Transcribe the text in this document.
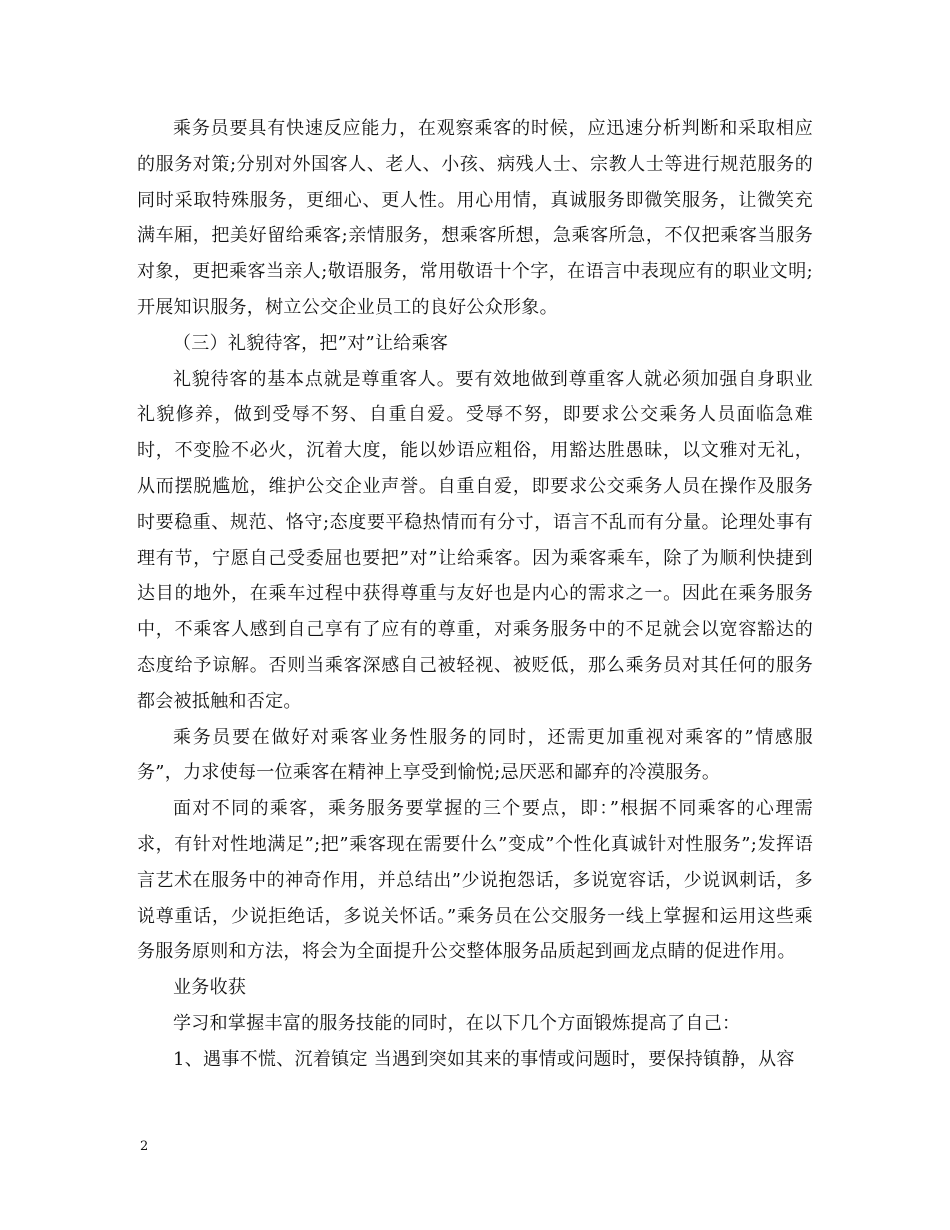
乘务员要具有快速反应能力，在观察乘客的时候，应迅速分析判断和采取相应的服务对策;分别对外国客人、老人、小孩、病残人士、宗教人士等进行规范服务的同时采取特殊服务，更细心、更人性。用心用情，真诚服务即微笑服务，让微笑充满车厢，把美好留给乘客;亲情服务，想乘客所想，急乘客所急，不仅把乘客当服务对象，更把乘客当亲人;敬语服务，常用敬语十个字，在语言中表现应有的职业文明;开展知识服务，树立公交企业员工的良好公众形象。

（三）礼貌待客，把”对”让给乘客

礼貌待客的基本点就是尊重客人。要有效地做到尊重客人就必须加强自身职业礼貌修养，做到受辱不努、自重自爱。受辱不努，即要求公交乘务人员面临急难时，不变脸不必火，沉着大度，能以妙语应粗俗，用豁达胜愚昧，以文雅对无礼，从而摆脱尴尬，维护公交企业声誉。自重自爱，即要求公交乘务人员在操作及服务时要稳重、规范、恪守;态度要平稳热情而有分寸，语言不乱而有分量。论理处事有理有节，宁愿自己受委屈也要把”对”让给乘客。因为乘客乘车，除了为顺利快捷到达目的地外，在乘车过程中获得尊重与友好也是内心的需求之一。因此在乘务服务中，不乘客人感到自己享有了应有的尊重，对乘务服务中的不足就会以宽容豁达的态度给予谅解。否则当乘客深感自己被轻视、被贬低，那么乘务员对其任何的服务都会被抵触和否定。

乘务员要在做好对乘客业务性服务的同时，还需更加重视对乘客的”情感服务”，力求使每一位乘客在精神上享受到愉悦;忌厌恶和鄙弃的冷漠服务。

面对不同的乘客，乘务服务要掌握的三个要点，即：”根据不同乘客的心理需求，有针对性地满足”;把”乘客现在需要什么”变成”个性化真诚针对性服务”;发挥语言艺术在服务中的神奇作用，并总结出”少说抱怨话，多说宽容话，少说讽刺话，多说尊重话，少说拒绝话，多说关怀话。”乘务员在公交服务一线上掌握和运用这些乘务服务原则和方法，将会为全面提升公交整体服务品质起到画龙点睛的促进作用。

业务收获

学习和掌握丰富的服务技能的同时，在以下几个方面锻炼提高了自己：

1、遇事不慌、沉着镇定 当遇到突如其来的事情或问题时，要保持镇静，从容

2
